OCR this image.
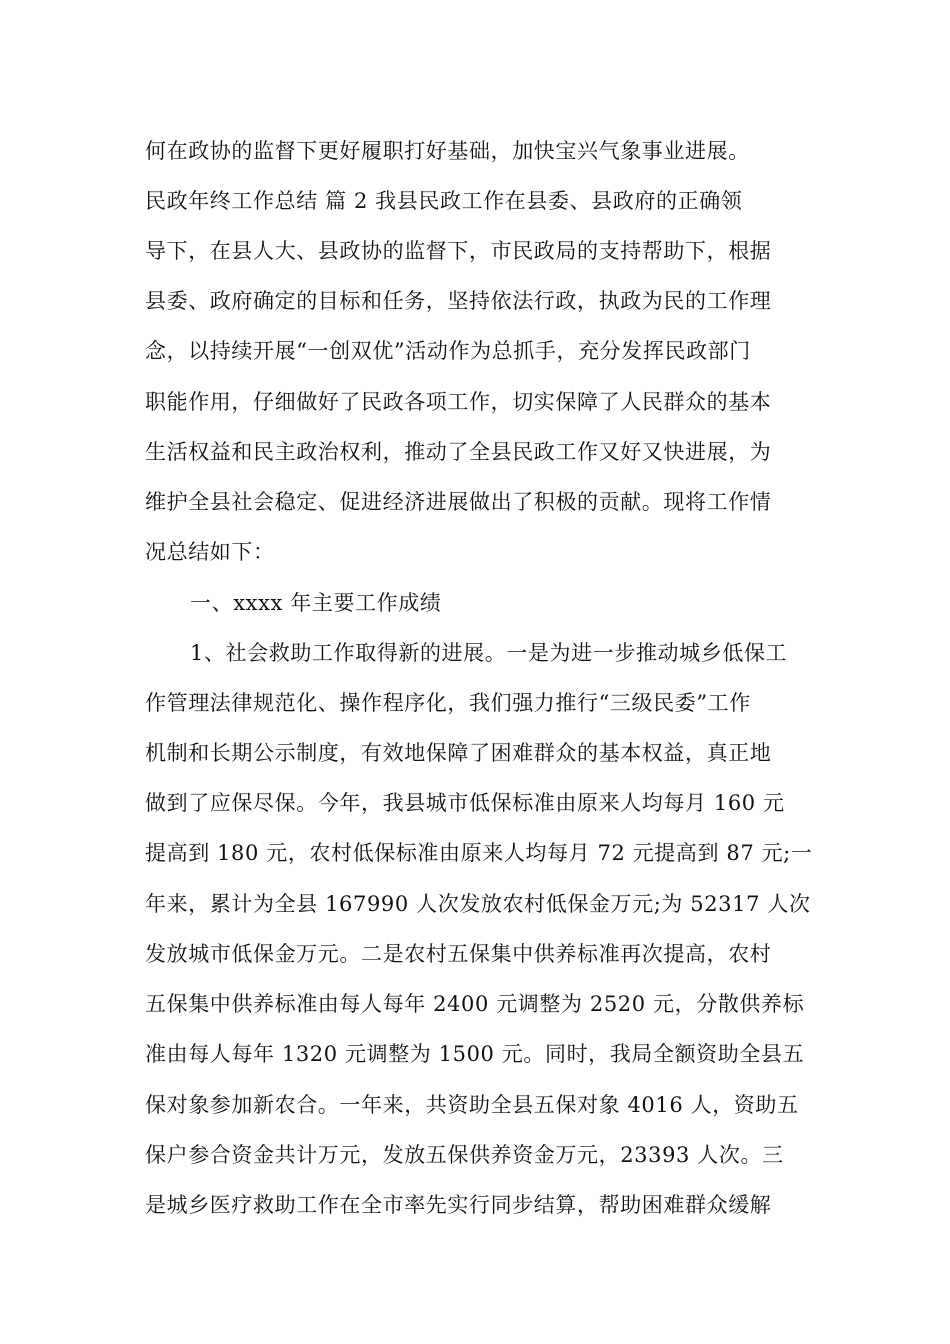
何在政协的监督下更好履职打好基础，加快宝兴气象事业进展。
民政年终工作总结 篇 2 我县民政工作在县委、县政府的正确领
导下，在县人大、县政协的监督下，市民政局的支持帮助下，根据
县委、政府确定的目标和任务，坚持依法行政，执政为民的工作理
念，以持续开展“一创双优”活动作为总抓手，充分发挥民政部门
职能作用，仔细做好了民政各项工作，切实保障了人民群众的基本
生活权益和民主政治权利，推动了全县民政工作又好又快进展，为
维护全县社会稳定、促进经济进展做出了积极的贡献。现将工作情
况总结如下：
一、xxxx 年主要工作成绩
1、社会救助工作取得新的进展。一是为进一步推动城乡低保工
作管理法律规范化、操作程序化，我们强力推行“三级民委”工作
机制和长期公示制度，有效地保障了困难群众的基本权益，真正地
做到了应保尽保。今年，我县城市低保标准由原来人均每月 160 元
提高到 180 元，农村低保标准由原来人均每月 72 元提高到 87 元;一
年来，累计为全县 167990 人次发放农村低保金万元;为 52317 人次
发放城市低保金万元。二是农村五保集中供养标准再次提高，农村
五保集中供养标准由每人每年 2400 元调整为 2520 元，分散供养标
准由每人每年 1320 元调整为 1500 元。同时，我局全额资助全县五
保对象参加新农合。一年来，共资助全县五保对象 4016 人，资助五
保户参合资金共计万元，发放五保供养资金万元，23393 人次。三
是城乡医疗救助工作在全市率先实行同步结算，帮助困难群众缓解
